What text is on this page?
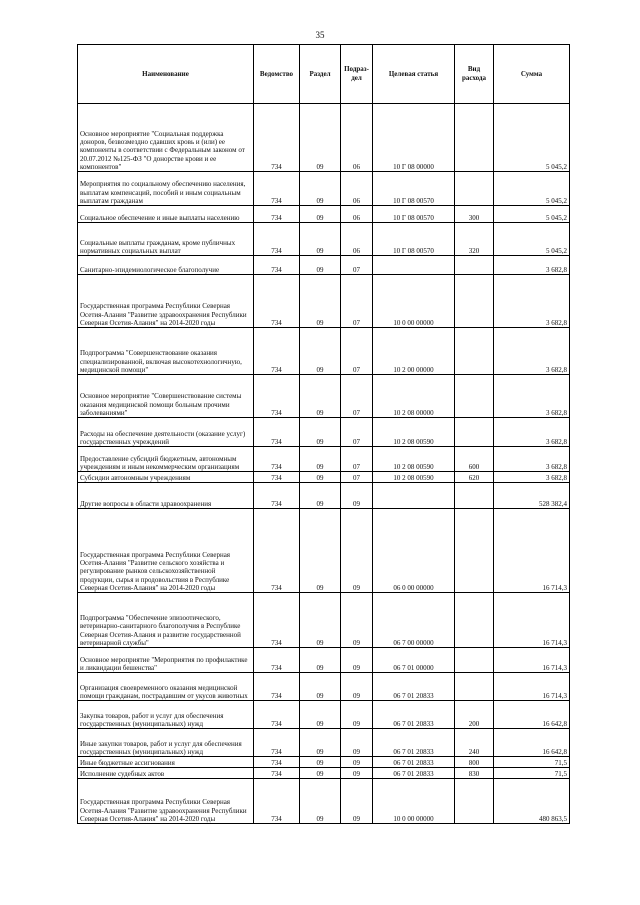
35
Наименование	Ведомство	Раздел	Подраз-дел	Целевая статья	Вид расхода	Сумма
Основное мероприятие "Социальная поддержка доноров, безвозмездно сдавших кровь и (или) ее компоненты в соответствии с Федеральным законом от 20.07.2012 №125-ФЗ "О донорстве крови и ее компонентов"	734	09	06	10 Г 08 00000		5 045,2
Мероприятия по социальному обеспечению населения, выплатам компенсаций, пособий и иным социальным выплатам гражданам	734	09	06	10 Г 08 00570		5 045,2
Социальное обеспечение и иные выплаты населению	734	09	06	10 Г 08 00570	300	5 045,2
Социальные выплаты гражданам, кроме публичных нормативных социальных выплат	734	09	06	10 Г 08 00570	320	5 045,2
Санитарно-эпидемиологическое благополучие	734	09	07			3 682,8
Государственная программа Республики Северная Осетия-Алания "Развитие здравоохранения Республики Северная Осетия-Алания" на 2014-2020 годы	734	09	07	10 0 00 00000		3 682,8
Подпрограмма "Совершенствование оказания специализированной, включая высокотехнологичную, медицинской помощи"	734	09	07	10 2 00 00000		3 682,8
Основное мероприятие "Совершенствование системы оказания медицинской помощи больным прочими заболеваниями"	734	09	07	10 2 08 00000		3 682,8
Расходы на обеспечение деятельности (оказание услуг) государственных учреждений	734	09	07	10 2 08 00590		3 682,8
Предоставление субсидий бюджетным, автономным учреждениям и иным некоммерческим организациям	734	09	07	10 2 08 00590	600	3 682,8
Субсидии автономным учреждениям	734	09	07	10 2 08 00590	620	3 682,8
Другие вопросы в области здравоохранения	734	09	09			528 382,4
Государственная программа Республики Северная Осетия-Алания "Развитие сельского хозяйства и регулирование рынков сельскохозяйственной продукции, сырья и продовольствия в Республике Северная Осетия-Алания" на 2014-2020 годы	734	09	09	06 0 00 00000		16 714,3
Подпрограмма "Обеспечение эпизоотического, ветеринарно-санитарного благополучия в Республике Северная Осетия-Алания и развитие государственной ветеринарной службы"	734	09	09	06 7 00 00000		16 714,3
Основное мероприятие "Мероприятия по профилактике и ликвидации бешенства"	734	09	09	06 7 01 00000		16 714,3
Организация своевременного оказания медицинской помощи гражданам, пострадавшим от укусов животных	734	09	09	06 7 01 20833		16 714,3
Закупка товаров, работ и услуг для обеспечения государственных (муниципальных) нужд	734	09	09	06 7 01 20833	200	16 642,8
Иные закупки товаров, работ и услуг для обеспечения государственных (муниципальных) нужд	734	09	09	06 7 01 20833	240	16 642,8
Иные бюджетные ассигнования	734	09	09	06 7 01 20833	800	71,5
Исполнение судебных актов	734	09	09	06 7 01 20833	830	71,5
Государственная программа Республики Северная Осетия-Алания "Развитие здравоохранения Республики Северная Осетия-Алания" на 2014-2020 годы	734	09	09	10 0 00 00000		480 863,5
